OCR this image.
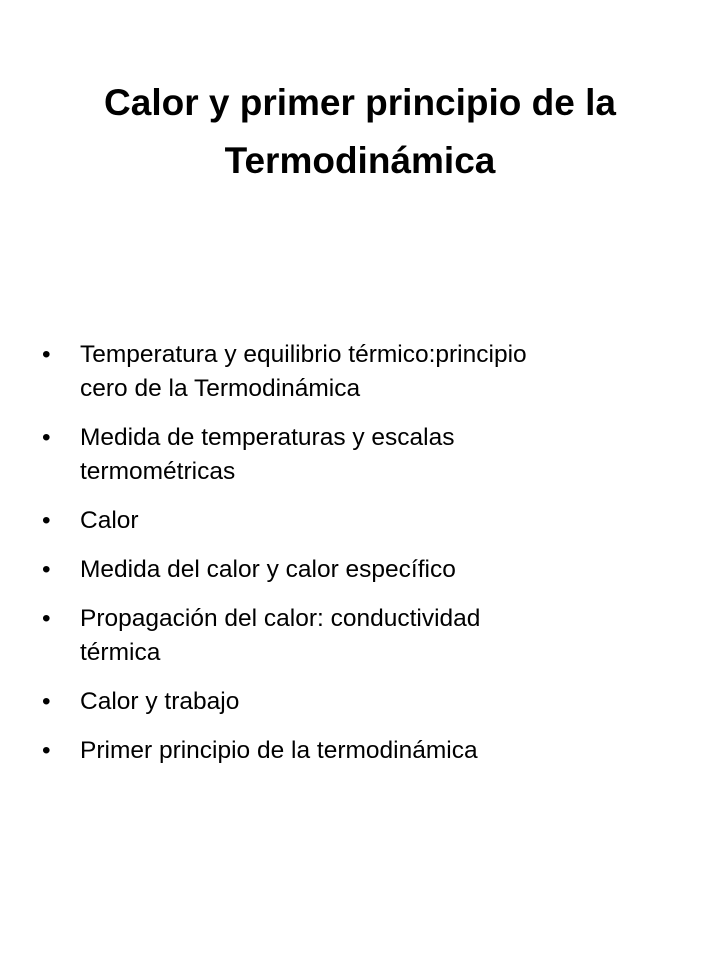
Calor y primer principio de la
Termodinámica
• Temperatura y equilibrio térmico:principio
cero de la Termodinámica
• Medida de temperaturas y escalas
termométricas
• Calor
• Medida del calor y calor específico
• Propagación del calor: conductividad
térmica
• Calor y trabajo
• Primer principio de la termodinámica
